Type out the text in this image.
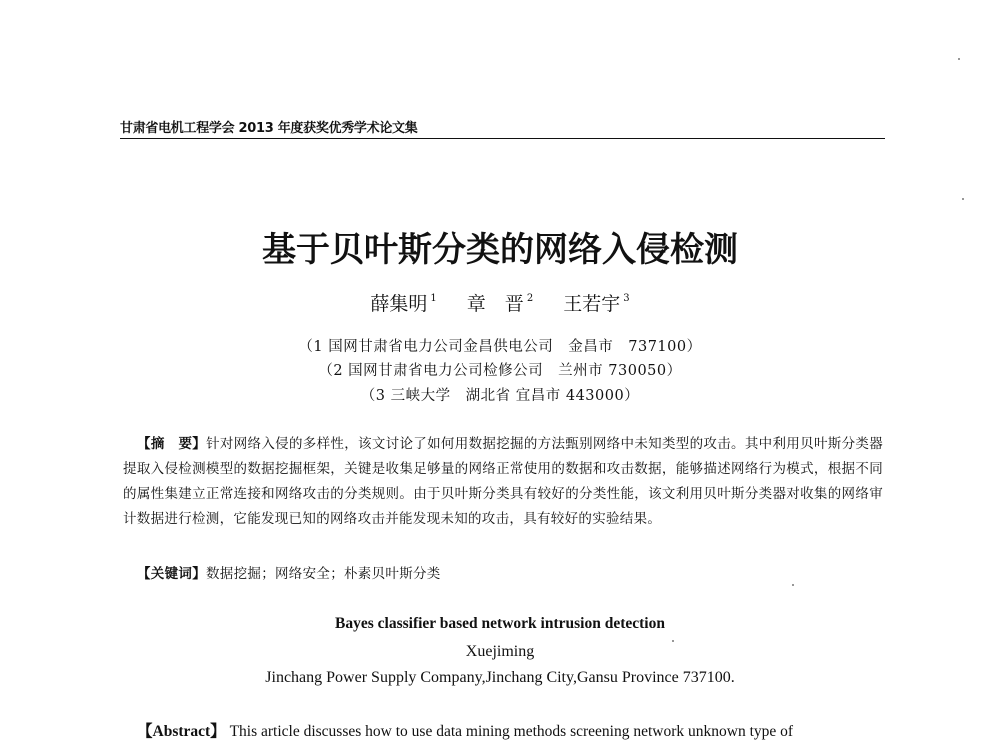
甘肃省电机工程学会 2013 年度获奖优秀学术论文集
基于贝叶斯分类的网络入侵检测
薛集明 $^1$ 章　晋 $^2$ 王若宇 $^3$
（1 国网甘肃省电力公司金昌供电公司　金昌市　737100）
（2 国网甘肃省电力公司检修公司　兰州市 730050）
（3 三峡大学　湖北省 宜昌市 443000）
【摘　要】针对网络入侵的多样性，该文讨论了如何用数据挖掘的方法甄别网络中未知类型的攻击。其中利用贝叶斯分类器提取入侵检测模型的数据挖掘框架，关键是收集足够量的网络正常使用的数据和攻击数据，能够描述网络行为模式，根据不同的属性集建立正常连接和网络攻击的分类规则。由于贝叶斯分类具有较好的分类性能，该文利用贝叶斯分类器对收集的网络审计数据进行检测，它能发现已知的网络攻击并能发现未知的攻击，具有较好的实验结果。
【关键词】数据挖掘；网络安全；朴素贝叶斯分类
Bayes classifier based network intrusion detection
Xuejiming
Jinchang Power Supply Company,Jinchang City,Gansu Province 737100.
【Abstract】 This article discusses how to use data mining methods screening network unknown type of
